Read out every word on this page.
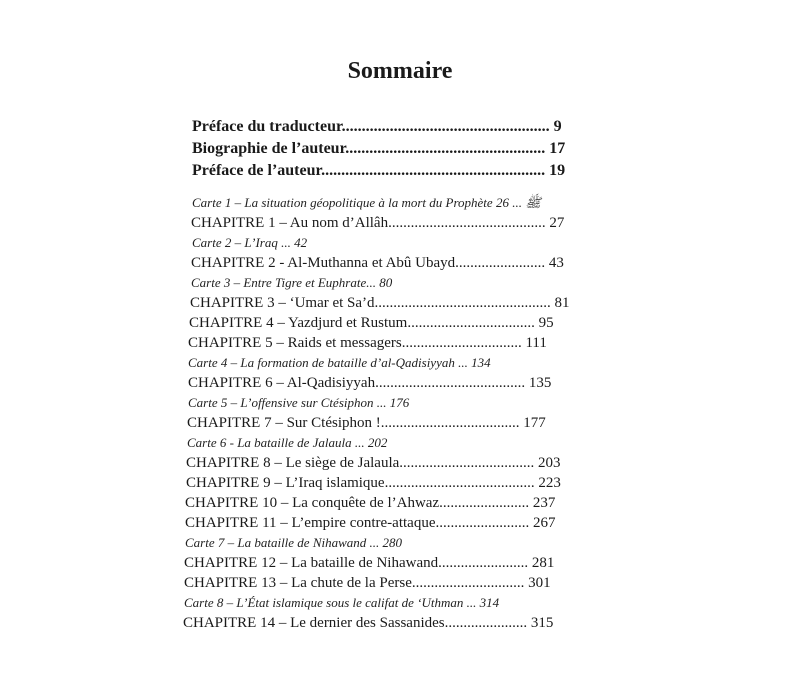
Sommaire
Préface du traducteur.................................................... 9
Biographie de l’auteur.................................................. 17
Préface de l’auteur........................................................ 19
Carte 1 – La situation géopolitique à la mort du Prophète ﷺ ... 26
CHAPITRE 1 – Au nom d’Allâh.......................................... 27
Carte 2 – L’Iraq ... 42
CHAPITRE 2 - Al-Muthanna et Abû Ubayd........................ 43
Carte 3 – Entre Tigre et Euphrate... 80
CHAPITRE 3 – ‘Umar et Sa’d............................................... 81
CHAPITRE 4 – Yazdjurd et Rustum.................................. 95
CHAPITRE 5 – Raids et messagers................................ 111
Carte 4 – La formation de bataille d’al-Qadisiyyah ... 134
CHAPITRE 6 – Al-Qadisiyyah........................................ 135
Carte 5 – L’offensive sur Ctésiphon ... 176
CHAPITRE 7 – Sur Ctésiphon !..................................... 177
Carte 6 - La bataille de Jalaula ... 202
CHAPITRE 8 – Le siège de Jalaula.................................... 203
CHAPITRE 9 – L’Iraq islamique........................................ 223
CHAPITRE 10 – La conquête de l’Ahwaz........................ 237
CHAPITRE 11 – L’empire contre-attaque......................... 267
Carte 7 – La bataille de Nihawand ... 280
CHAPITRE 12 – La bataille de Nihawand........................ 281
CHAPITRE 13 – La chute de la Perse.............................. 301
Carte 8 – L’État islamique sous le califat de ‘Uthman ... 314
CHAPITRE 14 – Le dernier des Sassanides...................... 315
